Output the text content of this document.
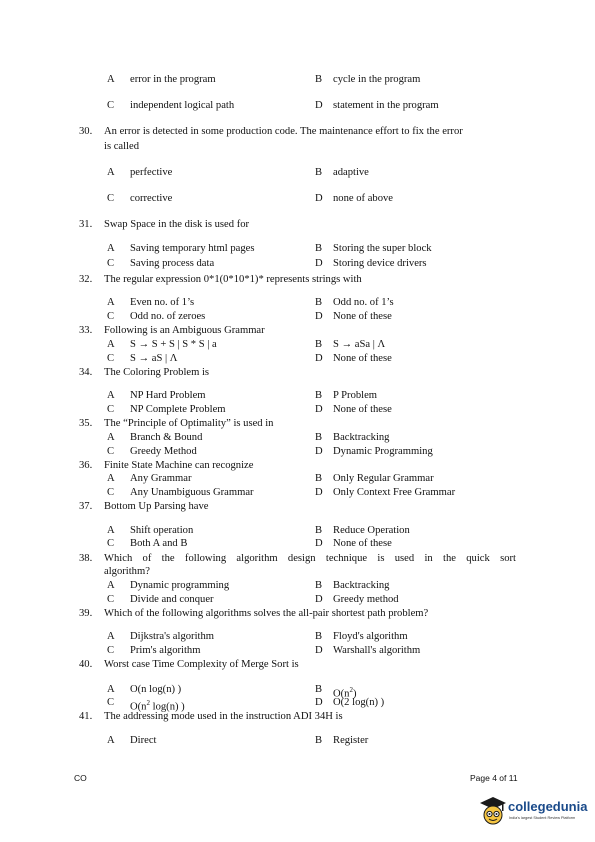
A error in the program	B cycle in the program
C independent logical path	D statement in the program
30. An error is detected in some production code. The maintenance effort to fix the error
is called
A perfective	B adaptive
C corrective	D none of above
31. Swap Space in the disk is used for
A Saving temporary html pages	B Storing the super block
C Saving process data	D Storing device drivers
32. The regular expression 0*1(0*10*1)* represents strings with
A Even no. of 1’s	B Odd no. of 1’s
C Odd no. of zeroes	D None of these
33. Following is an Ambiguous Grammar
A S → S + S | S * S | a	B S → aSa | Λ
C S → aS | Λ	D None of these
34. The Coloring Problem is
A NP Hard Problem	B P Problem
C NP Complete Problem	D None of these
35. The “Principle of Optimality” is used in
A Branch & Bound	B Backtracking
C Greedy Method	D Dynamic Programming
36. Finite State Machine can recognize
A Any Grammar	B Only Regular Grammar
C Any Unambiguous Grammar	D Only Context Free Grammar
37. Bottom Up Parsing have
A Shift operation	B Reduce Operation
C Both A and B	D None of these
38. Which of the following algorithm design technique is used in the quick sort
algorithm?
A Dynamic programming	B Backtracking
C Divide and conquer	D Greedy method
39. Which of the following algorithms solves the all-pair shortest path problem?
A Dijkstra's algorithm	B Floyd's algorithm
C Prim's algorithm	D Warshall's algorithm
40. Worst case Time Complexity of Merge Sort is
A O(n log(n) )	B $O(n^2)$
C $O(n^2$ log(n) )	D O(2 log(n) )
41. The addressing mode used in the instruction ADI 34H is
A Direct	B Register
CO	Page 4 of 11
collegedunia
India's largest Student Review Platform
